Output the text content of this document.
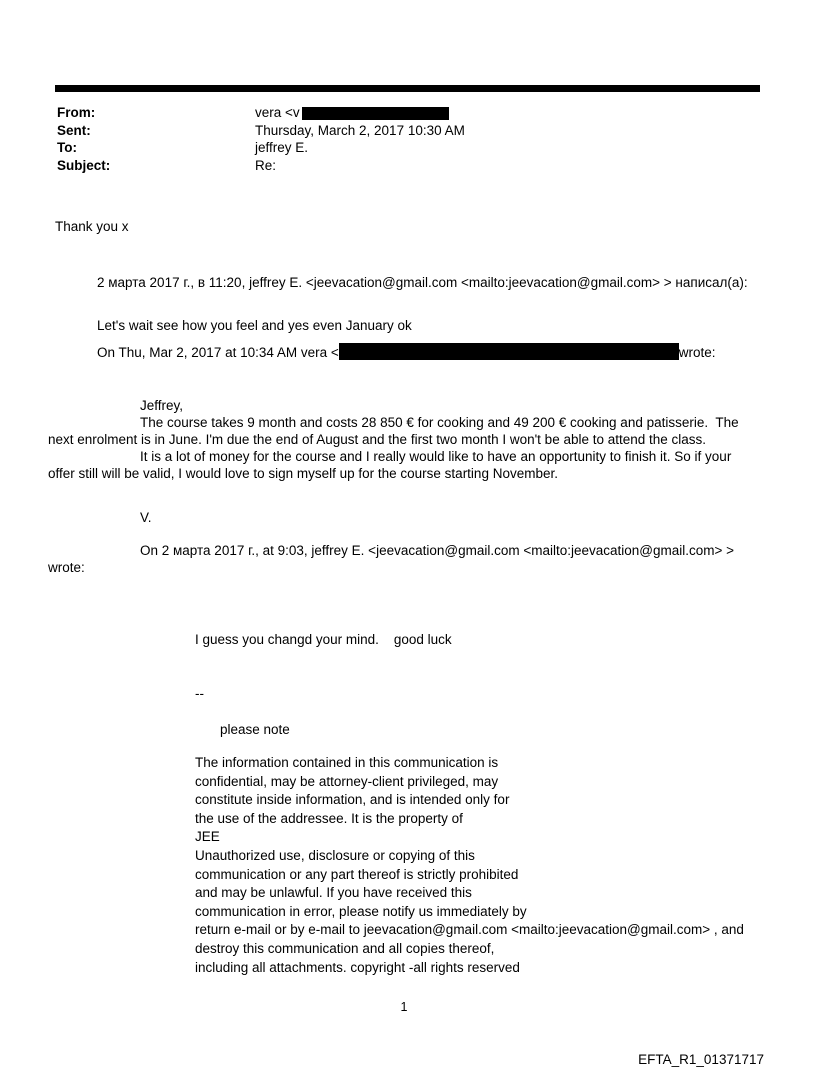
From:	vera <v
Sent:	Thursday, March 2, 2017 10:30 AM
To:	jeffrey E.
Subject:	Re:
Thank you x
2 марта 2017 г., в 11:20, jeffrey E. <jeevacation@gmail.com <mailto:jeevacation@gmail.com> > написал(а):
Let's wait see how you feel and yes even January ok
On Thu, Mar 2, 2017 at 10:34 AM vera <	wrote:
Jeffrey,
The course takes 9 month and costs 28 850 € for cooking and 49 200 € cooking and patisserie.  The next enrolment is in June. I'm due the end of August and the first two month I won't be able to attend the class.
It is a lot of money for the course and I really would like to have an opportunity to finish it. So if your offer still will be valid, I would love to sign myself up for the course starting November.
V.
On 2 марта 2017 г., at 9:03, jeffrey E. <jeevacation@gmail.com <mailto:jeevacation@gmail.com> >
wrote:
I guess you changd your mind.    good luck
--
please note
The information contained in this communication is
confidential, may be attorney-client privileged, may
constitute inside information, and is intended only for
the use of the addressee. It is the property of
JEE
Unauthorized use, disclosure or copying of this
communication or any part thereof is strictly prohibited
and may be unlawful. If you have received this
communication in error, please notify us immediately by
return e-mail or by e-mail to jeevacation@gmail.com <mailto:jeevacation@gmail.com> , and
destroy this communication and all copies thereof,
including all attachments. copyright -all rights reserved
1
EFTA_R1_01371717
